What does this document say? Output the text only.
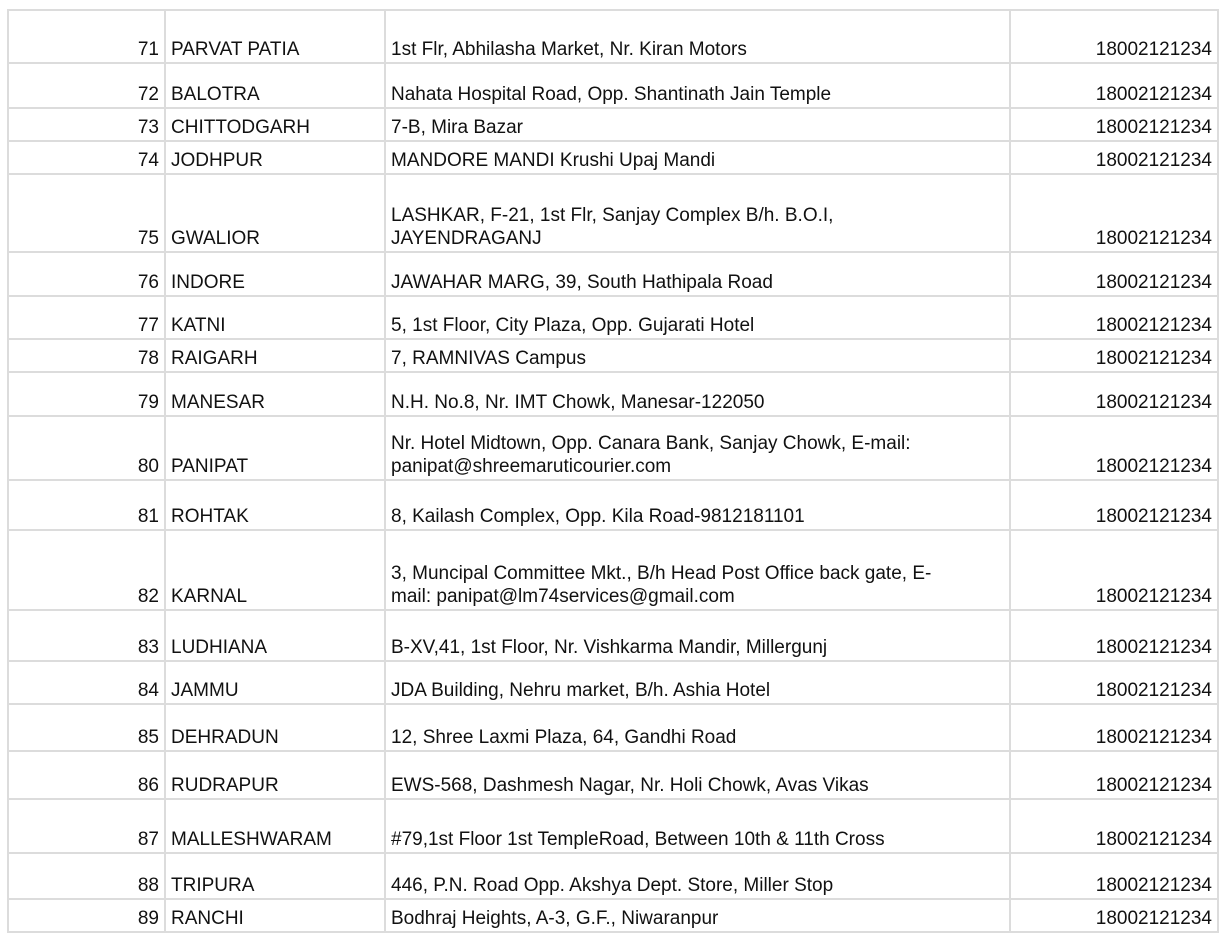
71	PARVAT PATIA	1st Flr, Abhilasha Market, Nr. Kiran Motors	18002121234
72	BALOTRA	Nahata Hospital Road, Opp. Shantinath Jain Temple	18002121234
73	CHITTODGARH	7-B, Mira Bazar	18002121234
74	JODHPUR	MANDORE MANDI Krushi Upaj Mandi	18002121234
75	GWALIOR	LASHKAR, F-21, 1st Flr, Sanjay Complex B/h. B.O.I,
JAYENDRAGANJ	18002121234
76	INDORE	JAWAHAR MARG, 39, South Hathipala Road	18002121234
77	KATNI	5, 1st Floor, City Plaza, Opp. Gujarati Hotel	18002121234
78	RAIGARH	7, RAMNIVAS Campus	18002121234
79	MANESAR	N.H. No.8, Nr. IMT Chowk, Manesar-122050	18002121234
80	PANIPAT	Nr. Hotel Midtown, Opp. Canara Bank, Sanjay Chowk, E-mail:
panipat@shreemaruticourier.com	18002121234
81	ROHTAK	8, Kailash Complex, Opp. Kila Road-9812181101	18002121234
82	KARNAL	3, Muncipal Committee Mkt., B/h Head Post Office back gate, E-
mail: panipat@lm74services@gmail.com	18002121234
83	LUDHIANA	B-XV,41, 1st Floor, Nr. Vishkarma Mandir, Millergunj	18002121234
84	JAMMU	JDA Building, Nehru market, B/h. Ashia Hotel	18002121234
85	DEHRADUN	12, Shree Laxmi Plaza, 64, Gandhi Road	18002121234
86	RUDRAPUR	EWS-568, Dashmesh Nagar, Nr. Holi Chowk, Avas Vikas	18002121234
87	MALLESHWARAM	#79,1st Floor 1st TempleRoad, Between 10th & 11th Cross	18002121234
88	TRIPURA	446, P.N. Road Opp. Akshya Dept. Store, Miller Stop	18002121234
89	RANCHI	Bodhraj Heights, A-3, G.F., Niwaranpur	18002121234
